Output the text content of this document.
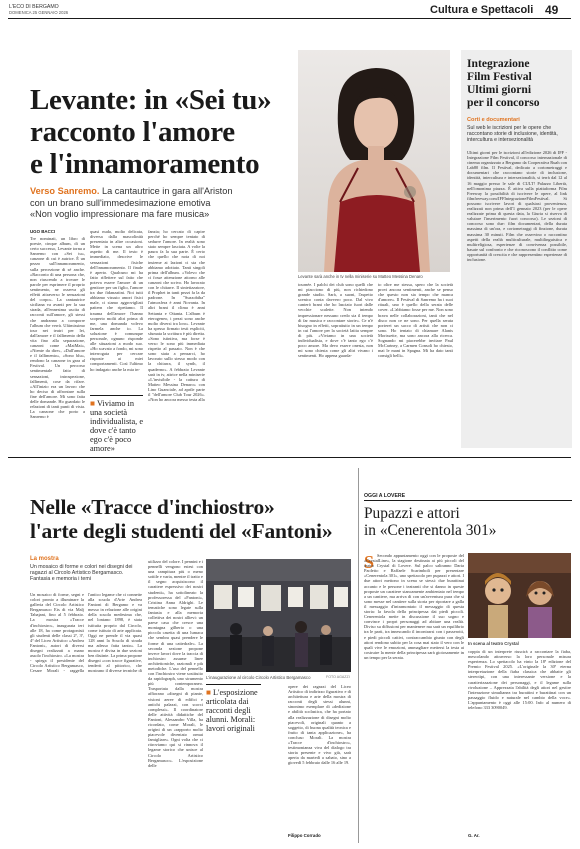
L'ECO DI BERGAMO
DOMENICA 25 GENNAIO 2026	Cultura e Spettacoli 49
Levante: in «Sei tu»
racconto l'amore
e l'innamoramento
Verso Sanremo. La cantautrice in gara all'Ariston
con un brano sull'immedesimazione emotiva
«Non voglio impressionare ma fare musica»
Levante sarà anche in tv nella miniserie su Matteo Messina Denaro
UGO BACCI
Tre nominati, un libro di poesie, cinque album, di un certo successo, Levante torna a Sanremo con «Sei tu», canzone di cui è autrice. È un pezzo sull'innamoramento, sulla percezione di sé anche. «Racconto di una persona che, non riuscendo a trovare le parole per esprimere il proprio sentimento, ne osserva gli effetti attraverso le sensazioni del corpo». La cantautrice siciliana va avanti per la sua strada, all'ennesima uscita di racconti sull'amore, gli stessi che andranno a comporre l'album che verrà. Ultimissimo tour nei teatri per lei, dall'amore e il fallimento della vita fino alla separazione, canzoni come «MaiMai», «Niente da dire», «Dall'amore e il fallimento», «Sono blu», rendono la canzone in gara al Festival. Un percorso sentimentale fatto di sensazioni, introspezione, fallimenti, cose da rifare. «All'inizio era un lavoro che ho deciso di affrontare sulla fine dell'amore. Mi sono fatta delle domande. Ho guardato le relazioni di tanti punti di vista. La canzone che porto a Sanremo è
quasi nuda, molto delicata, diversa dalla mascolinità presentata in altre occasioni. Mette in scena un altro aspetto di me. Il testo è immediato, descrive le sensazioni fisiche dell'innamoramento. Il finale è aperto. Qualcuno mi ha fatto riflettere sul fatto che poteva essere l'amore di un genitore per un figlio, l'amore tra due fidanzatini. Noi tutti abbiamo vissuto amori fisici male, ci siamo aggrovigliati pattern che ripetiamo. Il trauma dell'amore l'hanno scoperto molti altri prima di me, una domanda volevo farmela anche io. La soluzione è comunque personale, ognuno risponde alle situazioni a modo suo. «Ho scavato a fondo, mi sono interrogata per cercare risposte ai miei comportamenti. Così l'ultimo ho indagato anche la mia in-
■ Viviamo in una società individualista, e dove c'è tanto ego c'è poco amore»
fanzia; ho cercato di capire perché ho sempre tentato di sedurre l'amore. In realtà sono stato sempre lasciata. A volte la paura fa la sua parte. È certo che quello che nota di noi insieme ai lazioni ci sta che abbiamo adottato. Tanti singoli prima dell'album. «Volevo che ci fosse attenzione attorno alle canzoni che scrivo. Ho lavorato con le chitarre. Il sintetizzatore, il Prophet in tanti pezzi fa la da padrone. In "Suzzobiba" l'atmosfera è anni Novanta. In altri brani il clima è anni Settanta e Ottanta. L'album è eterogeneo, i pezzi sono anche molto diversi tra loro». Levante ha spesso firmato testi espliciti, sfumata la scrittura è più diretta. «Sono istintiva, ma forse è verso le sono più immediata rispetto al passato. Non è che sono stata a pensarci, ho lavorato sullo stesso modo con la chitarra, il synth, il quaderno». A febbraio Levante sarà in tv, attrice nella miniserie «L'invisibile - la cattura di Matteo Messina Denaro» con Lino Guanciale, ad aprile parte il "dell'amore Club Tour 2026». «Non ho ancora messo testa alla
tournée. I palchi dei club sono quelli che mi piacciono di più, non richiedono grande studio. Sarà, a suoni, l'aspetto scenico conta davvero poco. Dal vivo canterò brani che ho lasciato fuori dalle vecchie scalette. Non intendo impressionare nessuno credo sia il tempo di far musica e raccontare storie». Ce n'è bisogno in effetti, soprattutto in un tempo in cui l'amore per la società latita sempre di più. «Viviamo in una società individualista, e dove c'è tanto ego c'è poco amore. Ma devo essere onesta, non mi sono chiesta come gli altri vivano i sentimenti. Ho appena guarda-
to oltre me stessa, spero che la società provi ancora sentimenti, anche se penso che questo non sia tempo che manca d'amore». Il Festival di Sanremo ha i suoi rituali, uno è quello della serata delle cover. «L'abbiamo fosse per me. Non sono brava nelle collaborazioni, tanti che nel disco non ce ne sono. Per quella serata porterei un sacco di artisti che non ci sono. Ho tentato di chiamare Alanis Morissette, ma sono ancora alla ricerca. Sognando mi piacerebbe invitare Paul McCartney, a Carmen Consoli ho chiesto, mai le mani in Spagna. Mi ha dato tanti consigli belli».
Integrazione
Film Festival
Ultimi giorni
per il concorso
Corti e documentari
Sul web le iscrizioni per le opere che raccontano storie di inclusione, identità, intercultura e intersezionalità
Ultimi giorni per le iscrizioni all'edizione 2026 di IFF - Integrazione Film Festival, il concorso internazionale di cinema organizzato a Bergamo da Cooperativa Ruah con Lab80 film. Il Festival, dedicato a cortometraggi e documentari che raccontano storie di inclusione, identità, intercultura e intersezionalità, si terrà dal 12 al 16 maggio presso le sale di CULT! Palazzo Libertà, nell'omonima piazza. È attiva sulla piattaforma Film Freeway la possibilità di iscrivere le opere, al link filmfreeway.com/IFFIntegrazioneFilmFestival. Si possono iscrivere lavori di qualsiasi provenienza, realizzati non prima dell'1 gennaio 2023 (per le opere realizzate prima di questa data, la Giuria si riserva di valutare l'inserimento fuori concorso). Le sezioni di concorso sono due: film documentari, della durata massima di un'ora, e cortometraggi di finzione, durata massima 30 minuti. Film che osservino o raccontino aspetti della realtà multiculturale, multilinguistica e multireligiosa, esperienze di convivenza possibile, basate sul confronto e che riconoscono il conflitto come opportunità di crescita e che rappresentino esperienze di inclusione.
Nelle «Tracce d'inchiostro»
l'arte degli studenti del «Fantoni»
La mostra
Un mosaico di forme e colori nei disegni dei ragazzi al Circolo Artistico Bergamasco. Fantasia e memoria i temi
Un mosaico di forme, segni e colori pronto a illuminare la galleria del Circolo Artistico Bergamasco Ets di via Malj Tabajani, fino al 5 febbraio. La mostra «Tracce d'inchiostro», inaugurata ieri alle 18, ha come protagonisti gli studenti delle classi 2ª, 3ª, 4ª del Liceo Artistico «Andrea Fantoni», autori di diversi disegni realizzati a mano assolo l'inchiostro. «La mostra - spiega il presidente del Circolo Artistico Bergamasco, Cesare Morali - raggella l'antico legame che ci connette alla scuola d'Arte Andrea Fantoni di Bergamo e va messo in relazione alle origini della scuola medesima che, nel lontano 1898, è stata istituita proprio dal Circolo, come istituto di arte applicata. Oggi ne prende il via quasi 128 anni la Scuola di strada ma adesso fatta tanto». La mostra è divisa in due sezioni ben distinte. La prima propone disegni «con tracce figurative, tenderti al pittorico, che mostrano il diverse tecniche di
L'inaugurazione al circolo Circolo Artistico Bergamasco	FOTO AGAZZI
utilizzo del colore. I pennini e i pennelli vengono estesi con una campitura più o meno sottile e varia, mentre il tratto e il segno acquisiscono il carattere espressivo dei nostri studenti», ha sottolineato la professoressa del «Fantoni», Cristina Anna Aldrighi. Le tematiche sono legate sulla fantasia e alla memoria collettiva dei nostri allievi: un paese casa che cresce una montagna gilberio o una piccola casetta di una lumaca che sembra quasi prendere le forme di una cattedrale». La seconda sezione propone invece lavori dove la traccia di inchiostro assume linee architettoniche, razionali e più metodiche. L'uso del pennello con l'inchiostro viene sostituito da rapidograph, uno strumento più contemporaneo. Trasportata dalla mostra affiorano «disegni di piante, visioni aeree di edifici e antichi palazzi, con scorci complessi». Il coordinatore delle attività didattiche del Fantoni, Alessandro Villa, ha ricordato, come Morali, le origini di un «rapporto molto piacevole diventato ormai famigliare». Ogni volta che ci ritroviamo qui si rinnova il legame storico che unisce al Circolo Artistico Bergamasco». L'esposizione delle
■ L'esposizione articolata dai racconti degli alunni. Morali: lavori originali
opere dei ragazzi del Liceo Artistico di indirizzo figurativo e di architettura e arte della mostra di racconti degli stessi alunni, sinonimo esemplare di «dedizione e abilità scolastica, che ha portato alla realizzazione di disegni molto piacevoli, originali quanto a soggetto, di buona qualità tecnica e frutto di tanta applicazione», ha concluso Morali. La mostra «Tracce d'inchiostro», testimonianza viva del dialogo tra storia presente e vivo già, sarà aperta da martedì a sabato, sino a giovedì 5 febbraio dalle 16 alle 19.
Filippo Corrado
OGGI A LOVERE
Pupazzi e attori
in «Cenerentola 301»
S Secondo appuntamento oggi con le proposte del «CrystalLine», la stagione destinata ai più piccoli del teatro Crystal di Lovere. Sul palco saliranno Daria Paoletto e Raffaele Scarimboli per presentare «Cenerentola 301», uno spettacolo per pupazzi e attori. I due attori mettono in scena se stessi: due burattinai accanto e le persone i teatranti che si danno in queste proposte un carattere stancamente ambientato nel tempo a un cantiere, ma arriva di con un'avventura pura che si sono messe nel cantiere sulla storia per riportare a galla il messaggio d'intramontato il messaggio di questa storia: la favola della principessa dai piedi piccoli. Cenerentola mette in discussione il suo sogno e convince i propri personaggi ad abitare una realtà. Diviso su diffusioni per mantenere ma sarà un equilibrio tra le parti, tra innescando il incontrarsi con i passerotti, e piedi piccoli cattivi, contraccambio giunto con degli attori rendono subito per la cosa mai stato il vero con le quali vive le emozioni, ammagliare mettersi la testa ai costruire la mente della principessa sarà gioiosamente in un tempo per la serata.
In scena al teatro Crystal
coppia di un interprete riuscirà a raccontare la fiaba, mescolando attraverso la loro personale misura esperienza. Lo spettacolo ha vinto la 18ª edizione del Premio Festival 2025. «L'originale la 30ª eterna interpretazione della fiaba classica che abbatte gli stereotipi, con una interessante versione e la caratterizzazione dei personaggi, e il legame sulla rivoluzione – Apprezzata l'abilità degli attori nel gestire l'interazione simultanea tra burattini e burattinai con un passaggio fluido e naturale nel cambio della voce». L'appuntamento è oggi alle 15:00. Info al numero di telefono 333 3090049.
G. Ar.
